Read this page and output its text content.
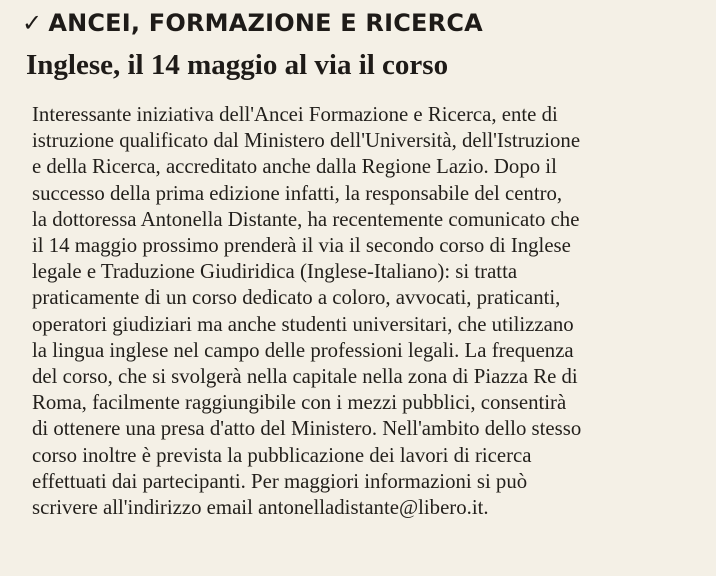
✓ ANCEI, FORMAZIONE E RICERCA
Inglese, il 14 maggio al via il corso
Interessante iniziativa dell'Ancei Formazione e Ricerca, ente di
istruzione qualificato dal Ministero dell'Università, dell'Istruzione
e della Ricerca, accreditato anche dalla Regione Lazio. Dopo il
successo della prima edizione infatti, la responsabile del centro,
la dottoressa Antonella Distante, ha recentemente comunicato che
il 14 maggio prossimo prenderà il via il secondo corso di Inglese
legale e Traduzione Giudiridica (Inglese-Italiano): si tratta
praticamente di un corso dedicato a coloro, avvocati, praticanti,
operatori giudiziari ma anche studenti universitari, che utilizzano
la lingua inglese nel campo delle professioni legali. La frequenza
del corso, che si svolgerà nella capitale nella zona di Piazza Re di
Roma, facilmente raggiungibile con i mezzi pubblici, consentirà
di ottenere una presa d'atto del Ministero. Nell'ambito dello stesso
corso inoltre è prevista la pubblicazione dei lavori di ricerca
effettuati dai partecipanti. Per maggiori informazioni si può
scrivere all'indirizzo email antonelladistante@libero.it.
